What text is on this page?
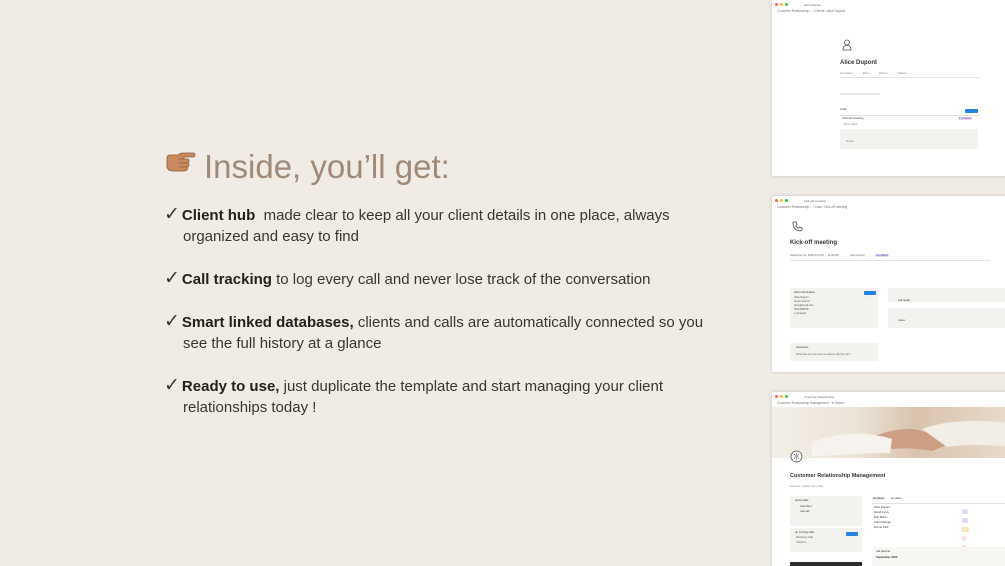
Inside, you’ll get:
✓ Client hub  made clear to keep all your client details in one place, always
organized and easy to find
✓ Call tracking to log every call and never lose track of the conversation
✓ Smart linked databases, clients and calls are automatically connected so you
see the full history at a glance
✓ Ready to use, just duplicate the template and start managing your client
relationships today !
Alice Dupont
Customer Relationship... / Clients / Alice Dupont
Alice Dupont
Company	Role	Phone	Status
Calls
New
Kick-off meeting	1 prospect
New page
Notes
Kick-off meeting
Customer Relationship... / Calls / Kick-off meeting
Kick-off meeting
September 12, 2025 9:00 AM → 11:00 AM	Alice Dupont	completed
client information
Alice Dupont
Smart and Co
alice@email.com
0612345678
1 prospect
New
call recap
notes
objectives
What does the client want to achieve with this call ?
Customer Relationship
Customer Relationship Management · In Notion
Customer Relationship Management
welcome / please your email
quick adds
new client
new call
up coming calls
Discovery Call
Check in
New
All clients	by status
Alice Dupont
David Leroy
Bob Martin
Clara Moreau
Emma Petit

call planner
September 2025
